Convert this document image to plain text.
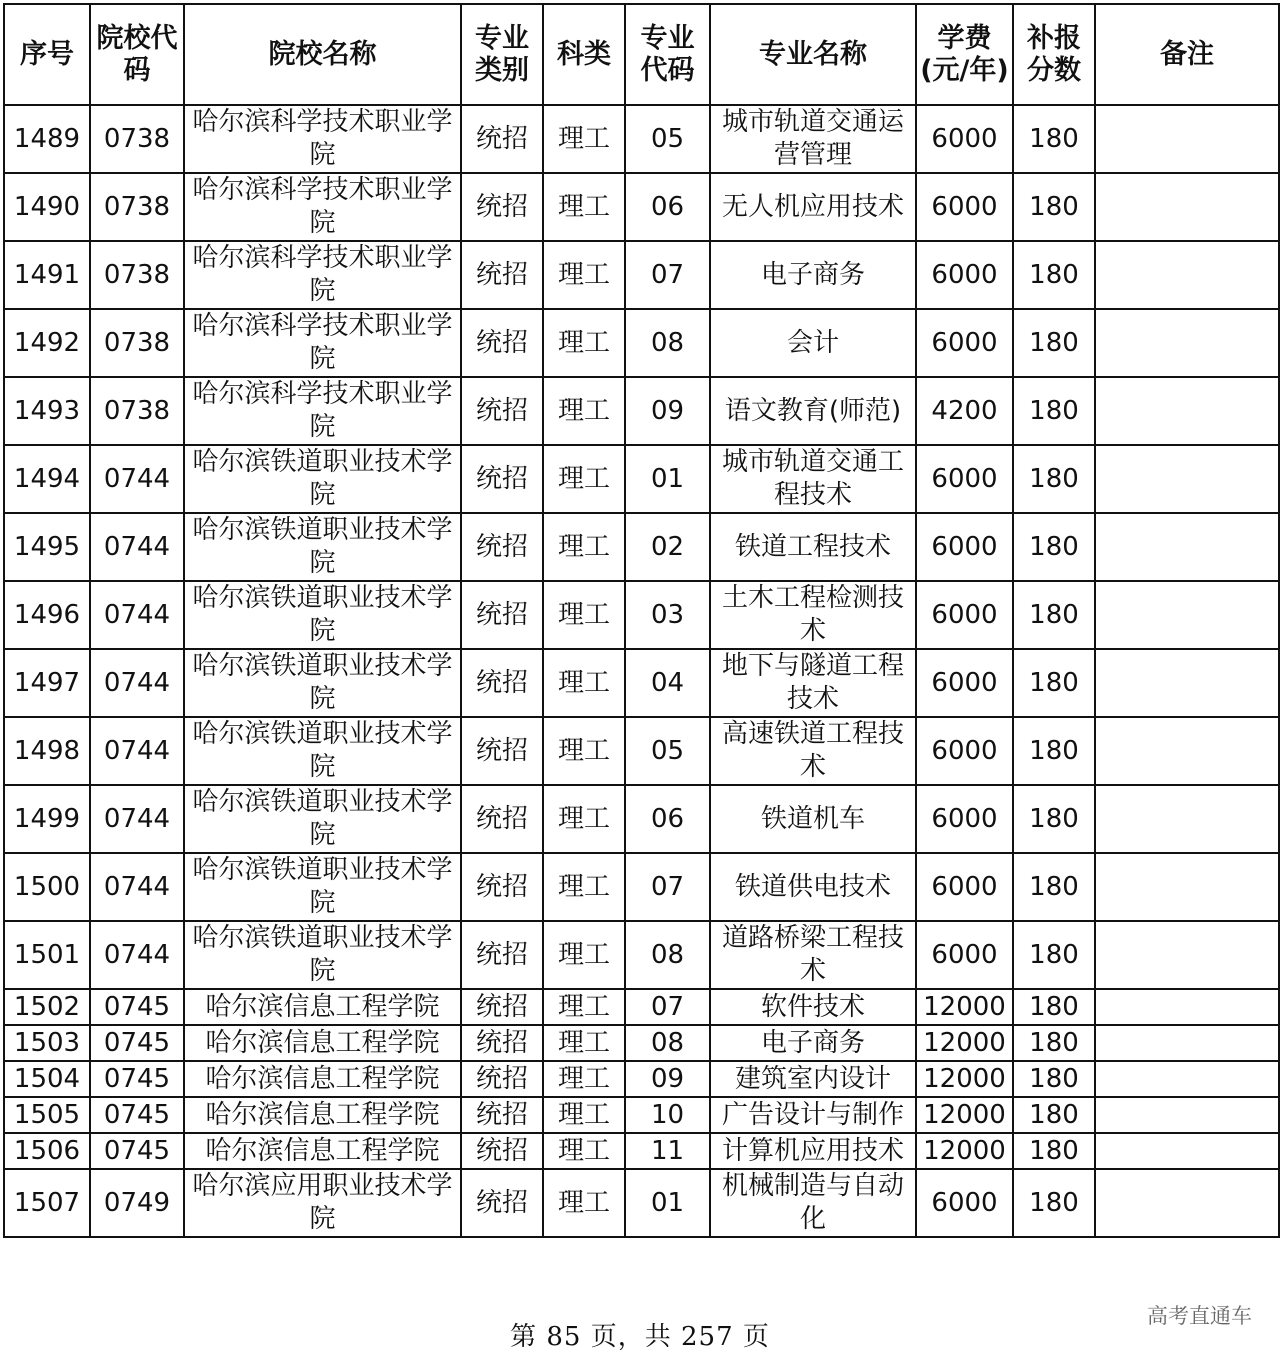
序号	院校代码	院校名称	专业类别	科类	专业代码	专业名称	学费(元/年)	补报分数	备注
1489	0738	哈尔滨科学技术职业学院	统招	理工	05	城市轨道交通运营管理	6000	180	
1490	0738	哈尔滨科学技术职业学院	统招	理工	06	无人机应用技术	6000	180	
1491	0738	哈尔滨科学技术职业学院	统招	理工	07	电子商务	6000	180	
1492	0738	哈尔滨科学技术职业学院	统招	理工	08	会计	6000	180	
1493	0738	哈尔滨科学技术职业学院	统招	理工	09	语文教育(师范)	4200	180	
1494	0744	哈尔滨铁道职业技术学院	统招	理工	01	城市轨道交通工程技术	6000	180	
1495	0744	哈尔滨铁道职业技术学院	统招	理工	02	铁道工程技术	6000	180	
1496	0744	哈尔滨铁道职业技术学院	统招	理工	03	土木工程检测技术	6000	180	
1497	0744	哈尔滨铁道职业技术学院	统招	理工	04	地下与隧道工程技术	6000	180	
1498	0744	哈尔滨铁道职业技术学院	统招	理工	05	高速铁道工程技术	6000	180	
1499	0744	哈尔滨铁道职业技术学院	统招	理工	06	铁道机车	6000	180	
1500	0744	哈尔滨铁道职业技术学院	统招	理工	07	铁道供电技术	6000	180	
1501	0744	哈尔滨铁道职业技术学院	统招	理工	08	道路桥梁工程技术	6000	180	
1502	0745	哈尔滨信息工程学院	统招	理工	07	软件技术	12000	180	
1503	0745	哈尔滨信息工程学院	统招	理工	08	电子商务	12000	180	
1504	0745	哈尔滨信息工程学院	统招	理工	09	建筑室内设计	12000	180	
1505	0745	哈尔滨信息工程学院	统招	理工	10	广告设计与制作	12000	180	
1506	0745	哈尔滨信息工程学院	统招	理工	11	计算机应用技术	12000	180	
1507	0749	哈尔滨应用职业技术学院	统招	理工	01	机械制造与自动化	6000	180	
第 85 页，共 257 页
高考直通车
